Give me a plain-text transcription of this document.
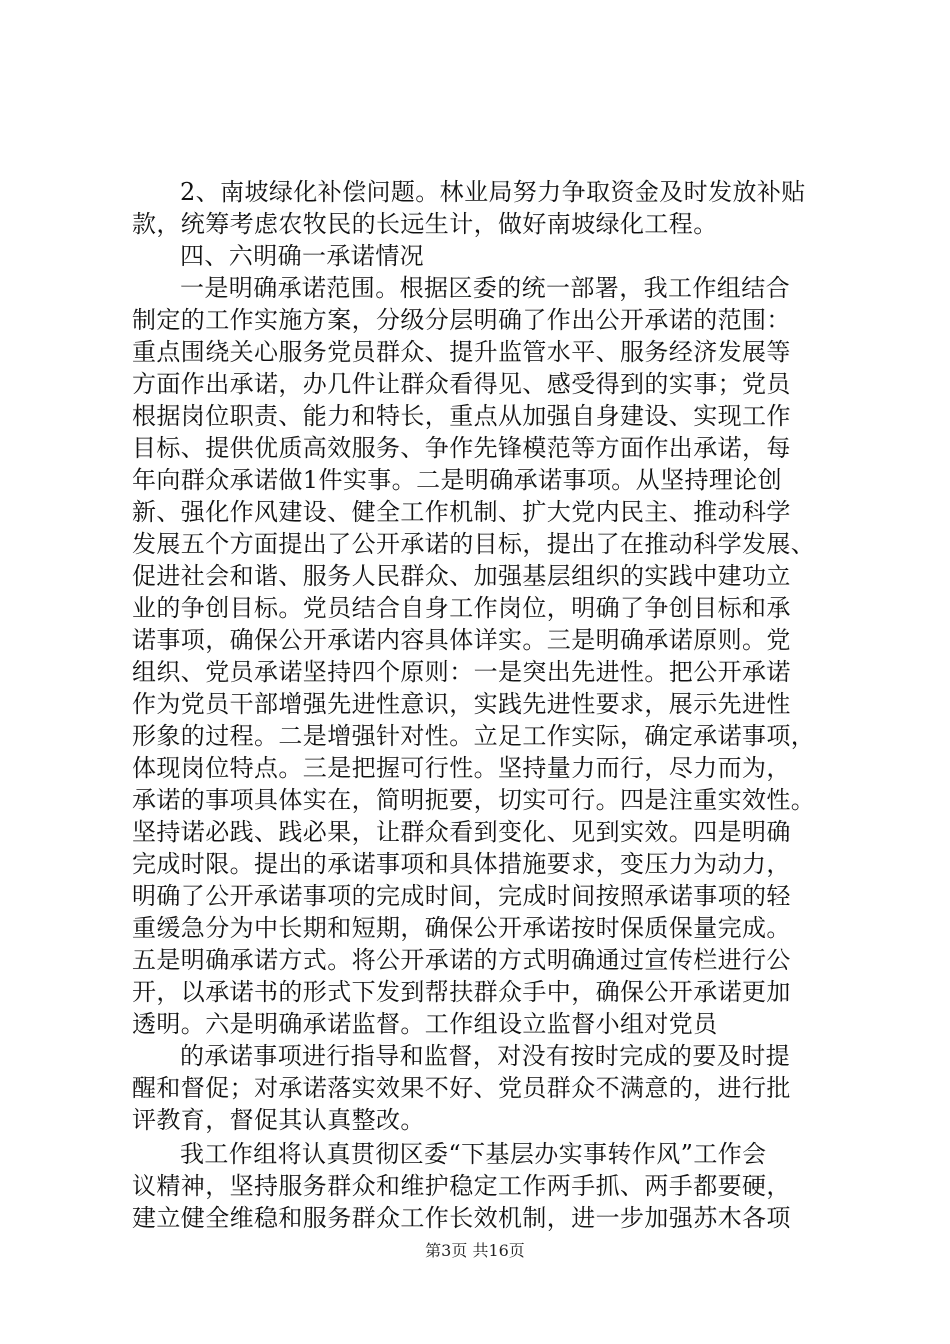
2、南坡绿化补偿问题。林业局努力争取资金及时发放补贴
款，统筹考虑农牧民的长远生计，做好南坡绿化工程。
四、六明确一承诺情况
一是明确承诺范围。根据区委的统一部署，我工作组结合
制定的工作实施方案，分级分层明确了作出公开承诺的范围：
重点围绕关心服务党员群众、提升监管水平、服务经济发展等
方面作出承诺，办几件让群众看得见、感受得到的实事；党员
根据岗位职责、能力和特长，重点从加强自身建设、实现工作
目标、提供优质高效服务、争作先锋模范等方面作出承诺，每
年向群众承诺做1件实事。二是明确承诺事项。从坚持理论创
新、强化作风建设、健全工作机制、扩大党内民主、推动科学
发展五个方面提出了公开承诺的目标，提出了在推动科学发展、
促进社会和谐、服务人民群众、加强基层组织的实践中建功立
业的争创目标。党员结合自身工作岗位，明确了争创目标和承
诺事项，确保公开承诺内容具体详实。三是明确承诺原则。党
组织、党员承诺坚持四个原则：一是突出先进性。把公开承诺
作为党员干部增强先进性意识，实践先进性要求，展示先进性
形象的过程。二是增强针对性。立足工作实际，确定承诺事项，
体现岗位特点。三是把握可行性。坚持量力而行，尽力而为，
承诺的事项具体实在，简明扼要，切实可行。四是注重实效性。
坚持诺必践、践必果，让群众看到变化、见到实效。四是明确
完成时限。提出的承诺事项和具体措施要求，变压力为动力，
明确了公开承诺事项的完成时间，完成时间按照承诺事项的轻
重缓急分为中长期和短期，确保公开承诺按时保质保量完成。
五是明确承诺方式。将公开承诺的方式明确通过宣传栏进行公
开，以承诺书的形式下发到帮扶群众手中，确保公开承诺更加
透明。六是明确承诺监督。工作组设立监督小组对党员
的承诺事项进行指导和监督，对没有按时完成的要及时提
醒和督促；对承诺落实效果不好、党员群众不满意的，进行批
评教育，督促其认真整改。
我工作组将认真贯彻区委“下基层办实事转作风”工作会
议精神，坚持服务群众和维护稳定工作两手抓、两手都要硬，
建立健全维稳和服务群众工作长效机制，进一步加强苏木各项
第3页 共16页
